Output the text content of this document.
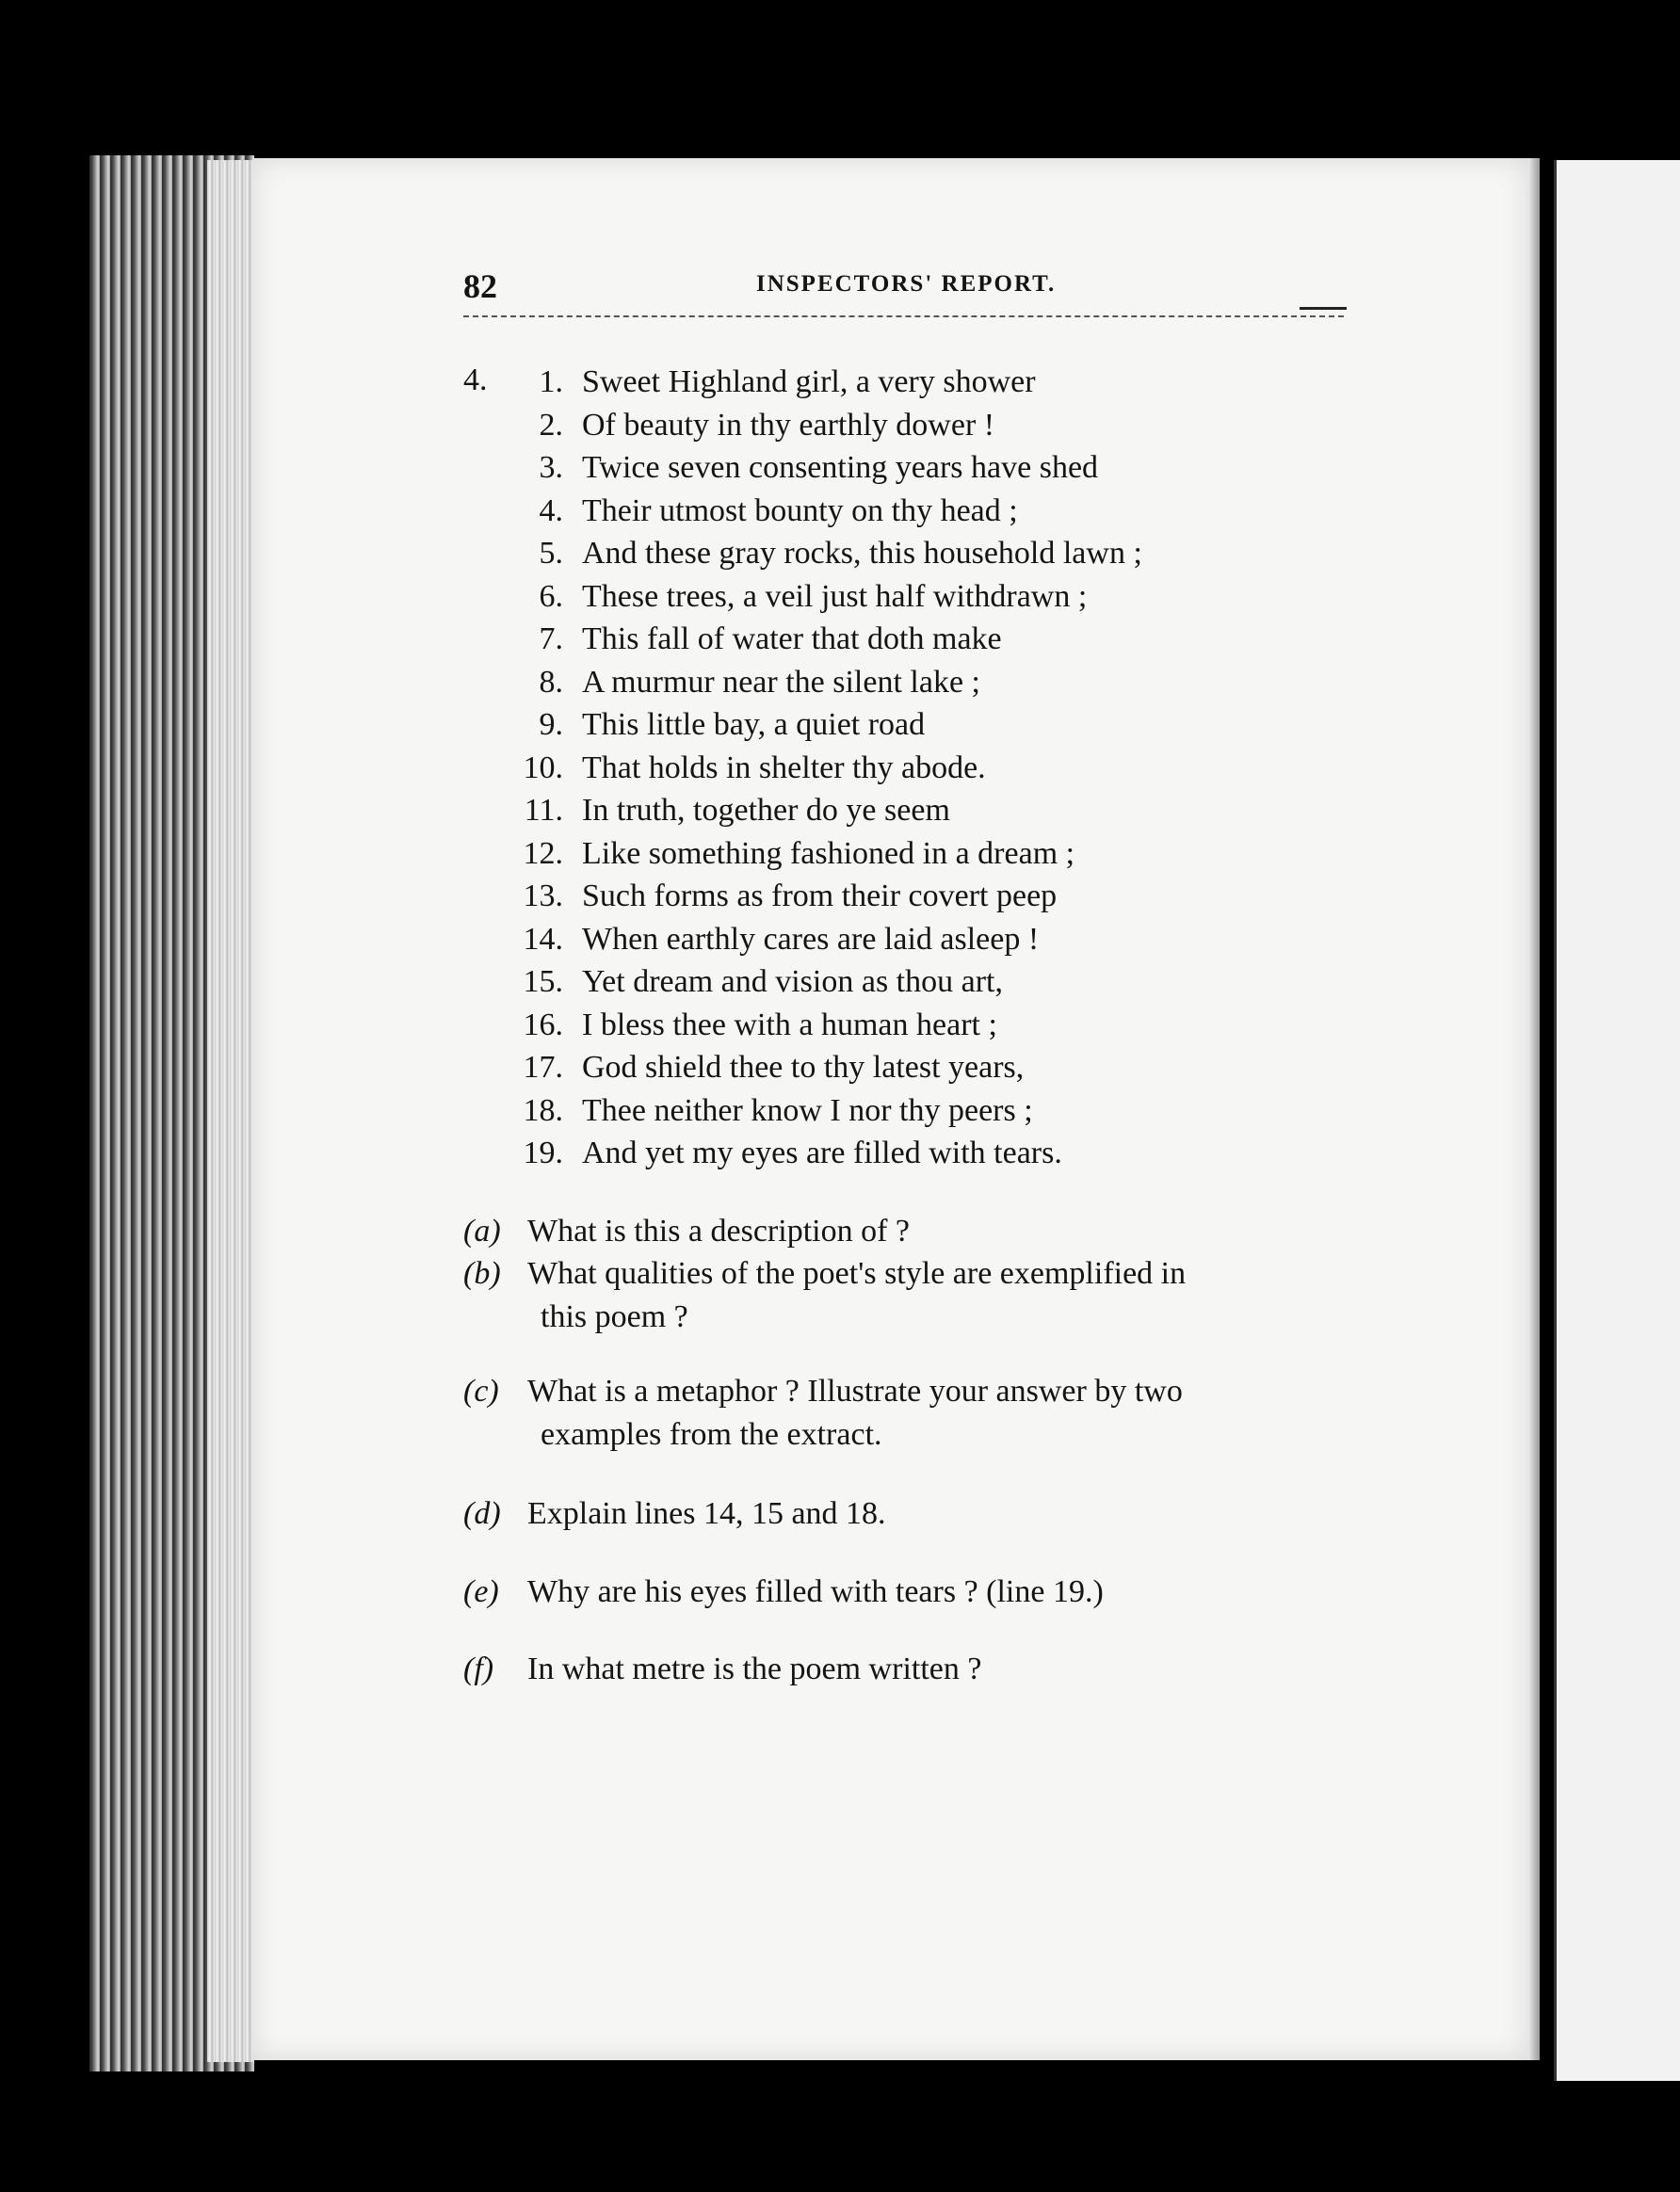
82	INSPECTORS' REPORT.
4.	1. Sweet Highland girl, a very shower
2. Of beauty in thy earthly dower !
3. Twice seven consenting years have shed
4. Their utmost bounty on thy head ;
5. And these gray rocks, this household lawn ;
6. These trees, a veil just half withdrawn ;
7. This fall of water that doth make
8. A murmur near the silent lake ;
9. This little bay, a quiet road
10. That holds in shelter thy abode.
11. In truth, together do ye seem
12. Like something fashioned in a dream ;
13. Such forms as from their covert peep
14. When earthly cares are laid asleep !
15. Yet dream and vision as thou art,
16. I bless thee with a human heart ;
17. God shield thee to thy latest years,
18. Thee neither know I nor thy peers ;
19. And yet my eyes are filled with tears.
(a) What is this a description of ?
(b) What qualities of the poet's style are exemplified in
this poem ?
(c) What is a metaphor ? Illustrate your answer by two
examples from the extract.
(d) Explain lines 14, 15 and 18.
(e) Why are his eyes filled with tears ? (line 19.)
(f) In what metre is the poem written ?
